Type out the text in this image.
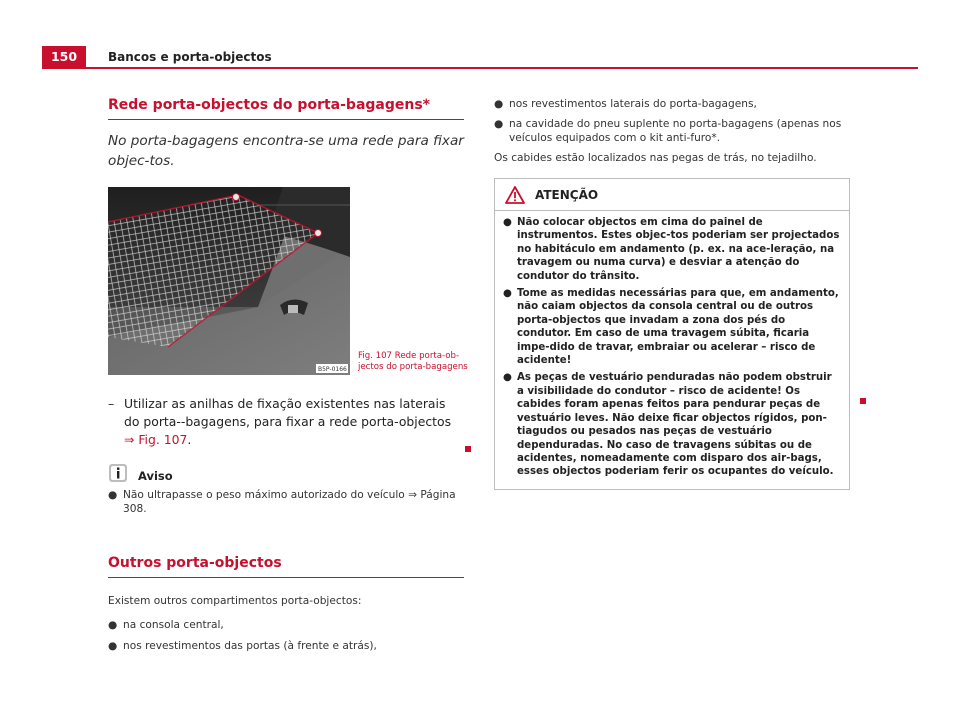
150	Bancos e porta-objectos
Rede porta-objectos do porta-bagagens*
No porta-bagagens encontra-se uma rede para fixar objec-tos.
B5P-0166
Fig. 107 Rede porta-ob-jectos do porta-bagagens
– Utilizar as anilhas de fixação existentes nas laterais do porta--bagagens, para fixar a rede porta-objectos ⇒ Fig. 107.
Aviso
● Não ultrapasse o peso máximo autorizado do veículo ⇒ Página 308.
Outros porta-objectos
Existem outros compartimentos porta-objectos:
● na consola central,
● nos revestimentos das portas (à frente e atrás),
● nos revestimentos laterais do porta-bagagens,
● na cavidade do pneu suplente no porta-bagagens (apenas nos veículos equipados com o kit anti-furo*.
Os cabides estão localizados nas pegas de trás, no tejadilho.
ATENÇÃO
● Não colocar objectos em cima do painel de instrumentos. Estes objec-tos poderiam ser projectados no habitáculo em andamento (p. ex. na ace-leração, na travagem ou numa curva) e desviar a atenção do condutor do trânsito.
● Tome as medidas necessárias para que, em andamento, não caiam objectos da consola central ou de outros porta-objectos que invadam a zona dos pés do condutor. Em caso de uma travagem súbita, ficaria impe-dido de travar, embraiar ou acelerar – risco de acidente!
● As peças de vestuário penduradas não podem obstruir a visibilidade do condutor – risco de acidente! Os cabides foram apenas feitos para pendurar peças de vestuário leves. Não deixe ficar objectos rígidos, pon-tiagudos ou pesados nas peças de vestuário dependuradas. No caso de travagens súbitas ou de acidentes, nomeadamente com disparo dos air-bags, esses objectos poderiam ferir os ocupantes do veículo.
